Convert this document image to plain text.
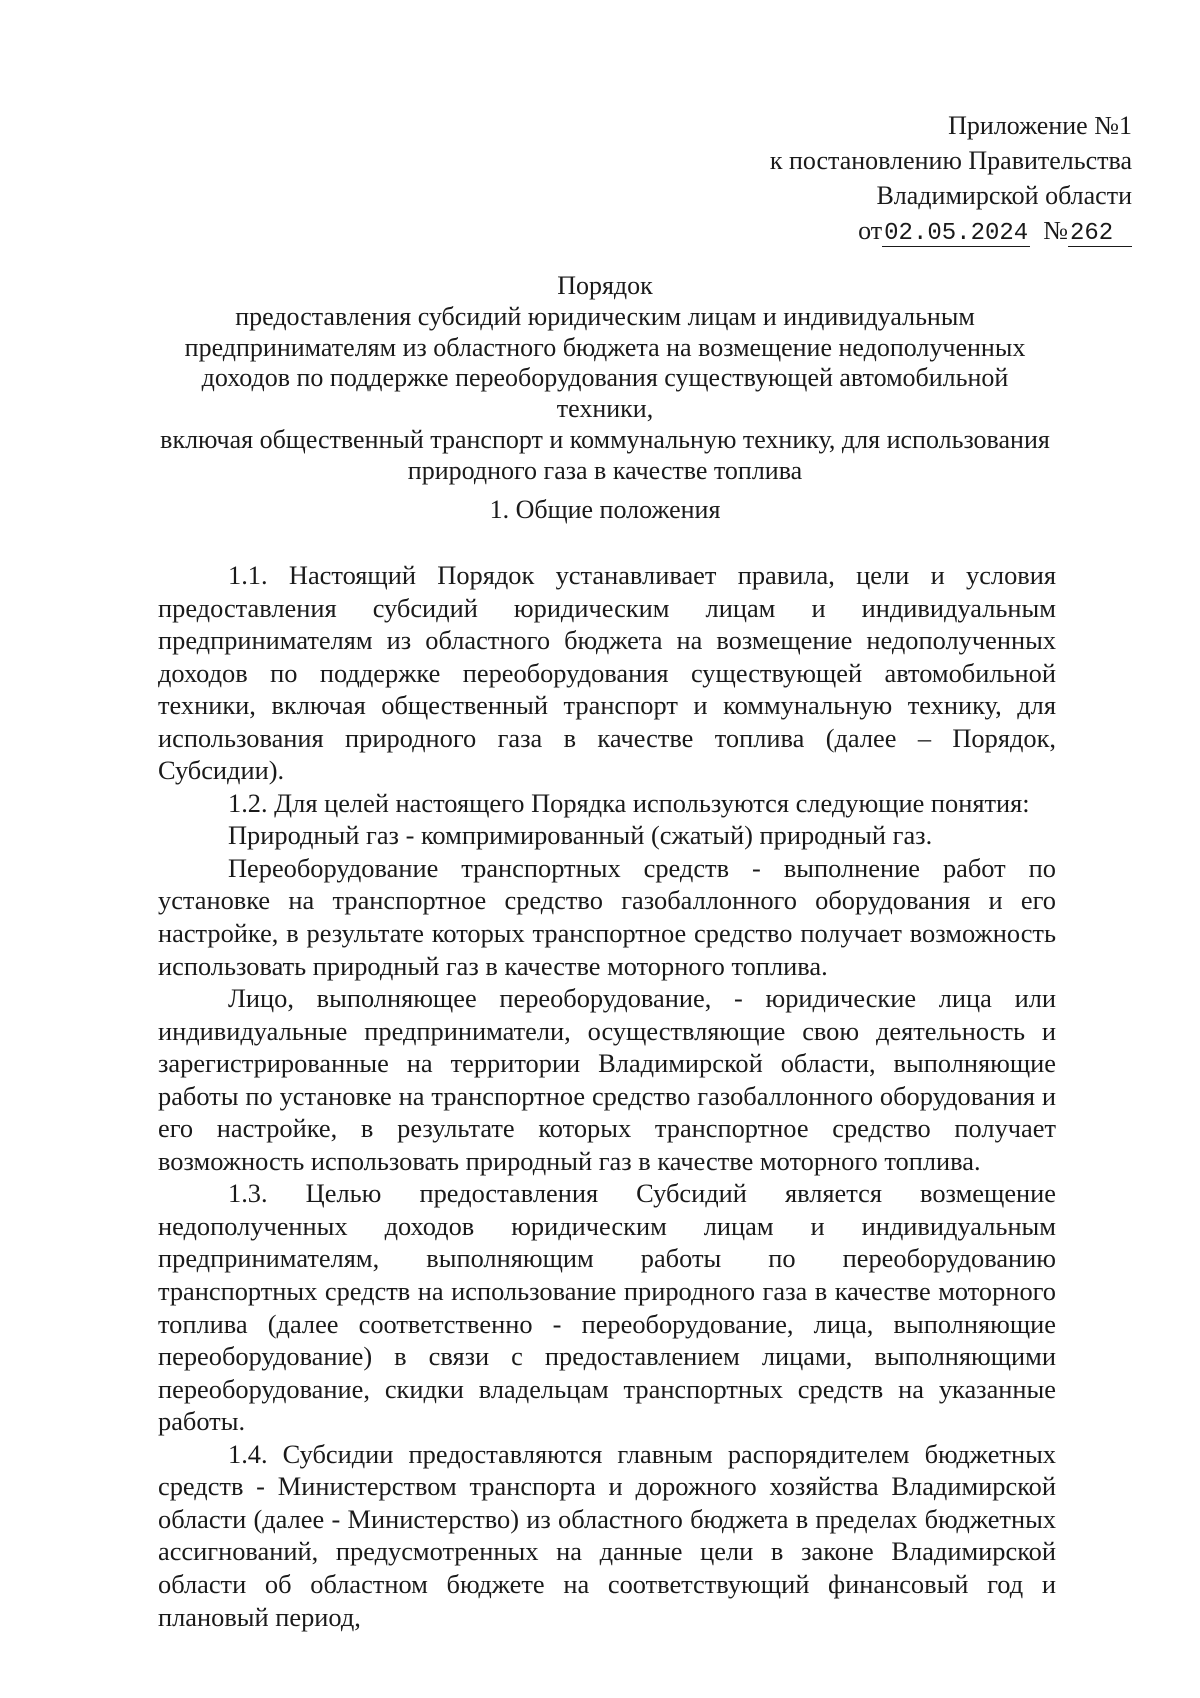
Приложение №1
к постановлению Правительства
Владимирской области
от02.05.2024 №262
Порядок
предоставления субсидий юридическим лицам и индивидуальным
предпринимателям из областного бюджета на возмещение недополученных
доходов по поддержке переоборудования существующей автомобильной техники,
включая общественный транспорт и коммунальную технику, для использования
природного газа в качестве топлива
1. Общие положения

1.1. Настоящий Порядок устанавливает правила, цели и условия предоставления субсидий юридическим лицам и индивидуальным предпринимателям из областного бюджета на возмещение недополученных доходов по поддержке переоборудования существующей автомобильной техники, включая общественный транспорт и коммунальную технику, для использования природного газа в качестве топлива (далее – Порядок, Субсидии).

1.2. Для целей настоящего Порядка используются следующие понятия:

Природный газ - компримированный (сжатый) природный газ.

Переоборудование транспортных средств - выполнение работ по установке на транспортное средство газобаллонного оборудования и его настройке, в результате которых транспортное средство получает возможность использовать природный газ в качестве моторного топлива.

Лицо, выполняющее переоборудование, - юридические лица или индивидуальные предприниматели, осуществляющие свою деятельность и зарегистрированные на территории Владимирской области, выполняющие работы по установке на транспортное средство газобаллонного оборудования и его настройке, в результате которых транспортное средство получает возможность использовать природный газ в качестве моторного топлива.

1.3. Целью предоставления Субсидий является возмещение недополученных доходов юридическим лицам и индивидуальным предпринимателям, выполняющим работы по переоборудованию транспортных средств на использование природного газа в качестве моторного топлива (далее соответственно - переоборудование, лица, выполняющие переоборудование) в связи с предоставлением лицами, выполняющими переоборудование, скидки владельцам транспортных средств на указанные работы.

1.4. Субсидии предоставляются главным распорядителем бюджетных средств - Министерством транспорта и дорожного хозяйства Владимирской области (далее - Министерство) из областного бюджета в пределах бюджетных ассигнований, предусмотренных на данные цели в законе Владимирской области об областном бюджете на соответствующий финансовый год и плановый период,
